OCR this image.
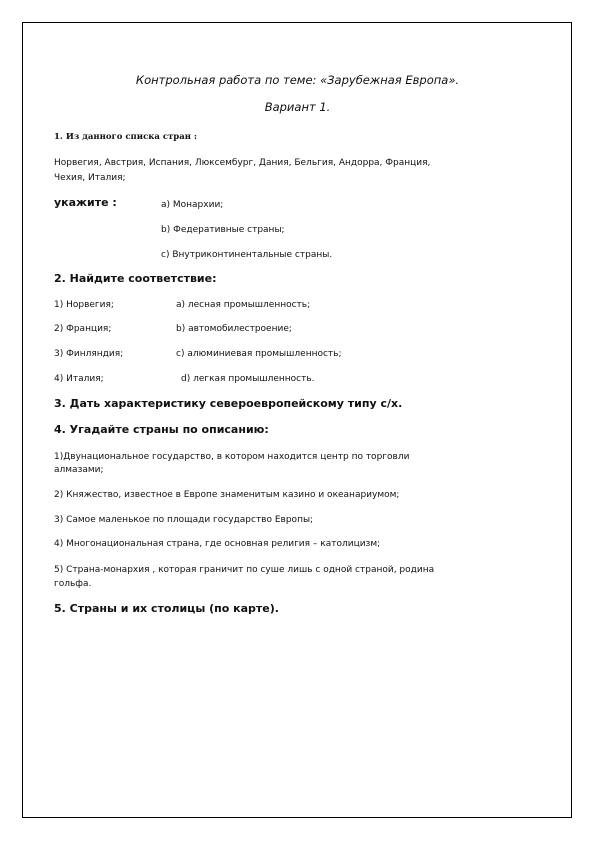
Контрольная работа по теме: «Зарубежная Европа».
Вариант 1.
1. Из данного списка стран :
Норвегия, Австрия, Испания, Люксембург, Дания, Бельгия, Андорра, Франция,
Чехия, Италия;
укажите :	а) Монархии;
b) Федеративные страны;
c) Внутриконтинентальные страны.
2. Найдите соответствие:
1) Норвегия;	а) лесная промышленность;
2) Франция;	b) автомобилестроение;
3) Финляндия;	c) алюминиевая промышленность;
4) Италия;	d) легкая промышленность.
3. Дать характеристику североевропейскому типу с/х.
4. Угадайте страны по описанию:
1)Двунациональное государство, в котором находится центр по торговли
алмазами;
2) Княжество, известное в Европе знаменитым казино и океанариумом;
3) Самое маленькое по площади государство Европы;
4) Многонациональная страна, где основная религия – католицизм;
5) Страна-монархия , которая граничит по суше лишь с одной страной, родина
гольфа.
5. Страны и их столицы (по карте).
